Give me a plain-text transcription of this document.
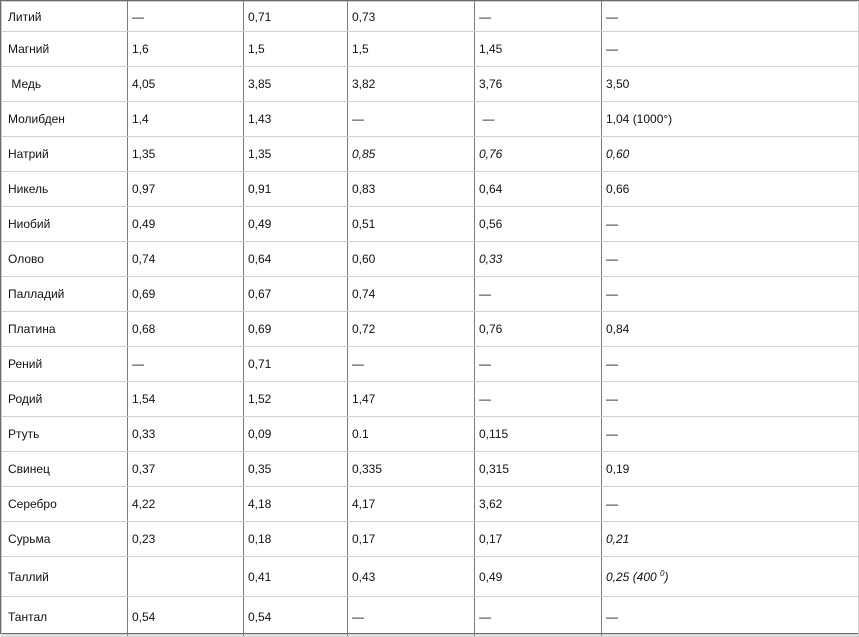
Литий	—	0,71	0,73	—	—
Магний	1,6	1,5	1,5	1,45	—
Медь	4,05	3,85	3,82	3,76	3,50
Молибден	1,4	1,43	—	—	1,04 (1000°)
Натрий	1,35	1,35	0,85	0,76	0,60
Никель	0,97	0,91	0,83	0,64	0,66
Ниобий	0,49	0,49	0,51	0,56	—
Олово	0,74	0,64	0,60	0,33	—
Палладий	0,69	0,67	0,74	—	—
Платина	0,68	0,69	0,72	0,76	0,84
Рений	—	0,71	—	—	—
Родий	1,54	1,52	1,47	—	—
Ртуть	0,33	0,09	0.1	0,115	—
Свинец	0,37	0,35	0,335	0,315	0,19
Серебро	4,22	4,18	4,17	3,62	—
Сурьма	0,23	0,18	0,17	0,17	0,21
Таллий		0,41	0,43	0,49	0,25 (400 $^0$)
Тантал	0,54	0,54	—	—	—
